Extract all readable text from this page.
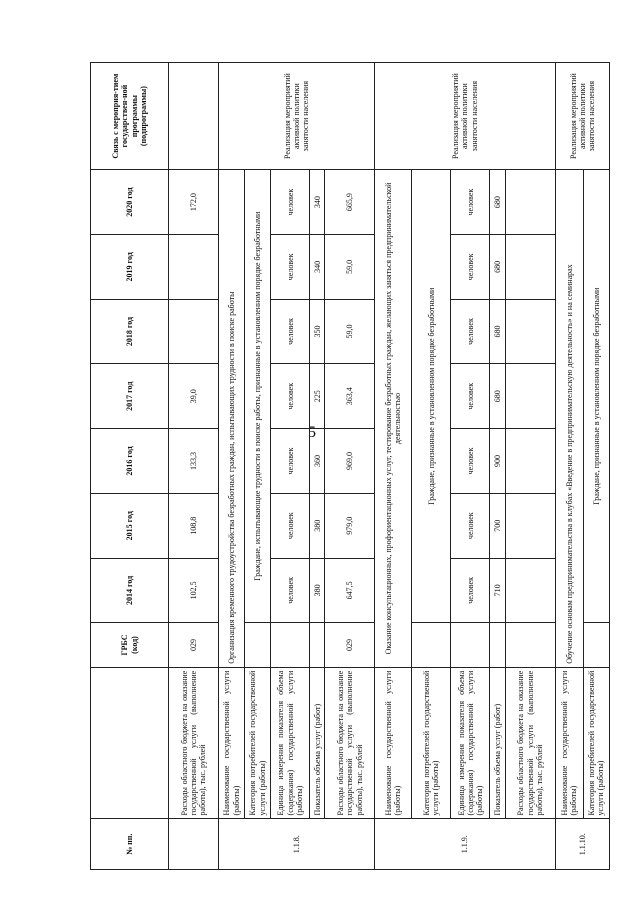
5
№ пп.		ГРБС (код)	2014 год	2015 год	2016 год	2017 год	2018 год	2019 год	2020 год	Связь с мероприя-тием государствен-ной программы (подпрограммы)
	Расходы областного бюджета на оказание государственной услуги (выполнение работы), тыс. рублей	029	102,5	108,8	133,3	39,0			172,0	
1.1.8.	Наименование государственной услуги (работы)	Организация временного трудоустройства безработных граждан, испытывающих трудности в поиске работы								Реализация мероприятий активной политики занятости населения
	Категория потребителей государственной услуги (работы)		Граждане, испытывающие трудности в поиске работы, признанные в установленном порядке безработными							
	Единица измерения показателя объема (содержания) государственной услуги (работы)		человек	человек	человек	человек	человек	человек	человек	
	Показатель объема услуг (работ)		380	380	360	225	350	340	340	
	Расходы областного бюджета на оказание государственной услуги (выполнение работы), тыс. рублей	029	647,5	979,0	969,0	363,4	59,0	59,0	665,9	
1.1.9.	Наименование государственной услуги (работы)	Оказание консультационных, профориентационных услуг, тестирование безработных граждан, желающих заняться предпринимательской деятельностью								Реализация мероприятий активной политики занятости населения
	Категория потребителей государственной услуги (работы)		Граждане, признанные в установленном порядке безработными							
	Единица измерения показателя объема (содержания) государственной услуги (работы)		человек	человек	человек	человек	человек	человек	человек	
	Показатель объема услуг (работ)		710	700	900	680	680	680	680	
	Расходы областного бюджета на оказание государственной услуги (выполнение работы), тыс. рублей									
1.1.10.	Наименование государственной услуги (работы)	Обучение основам предпринимательства в клубах «Введение в предпринимательскую деятельность» и на семинарах								Реализация мероприятий активной политики занятости населения
	Категория потребителей государственной услуги (работы)		Граждане, признанные в установленном порядке безработными							
